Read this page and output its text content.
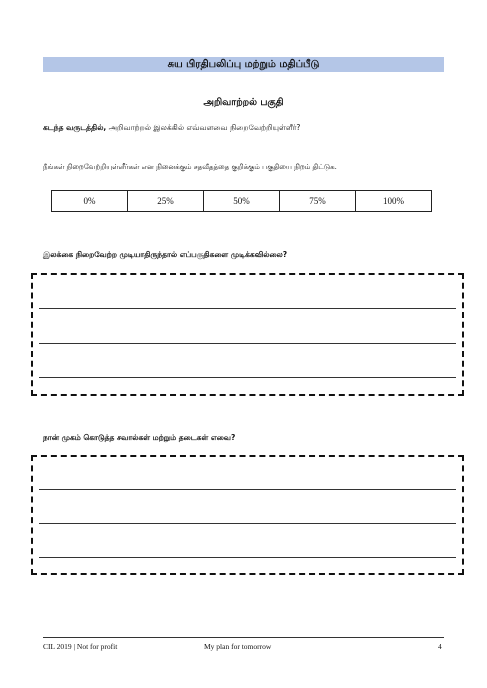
சுய பிரதிபலிப்பு மற்றும் மதிப்பீடு
அறிவாற்றல் பகுதி
கடந்த வருடத்தில், அறிவாற்றல் இலக்கில் எவ்வளவை நிறைவேற்றியுள்ளீர்?
நீங்கள் நிறைவேற்றியுள்ளீர்கள் என நினைக்கும் சதவீதத்தை குறிக்கும் பகுதியை நிறம் திட்டுக.
0%	25%	50%	75%	100%
இலக்கை நிறைவேற்ற முடியாதிருந்தால் எப்பகுதிகளை முடிக்கவில்லை?
நான் முகம் கொடுத்த சவால்கள் மற்றும் தடைகள் எவை?
CIL 2019 | Not for profit	My plan for tomorrow	4
